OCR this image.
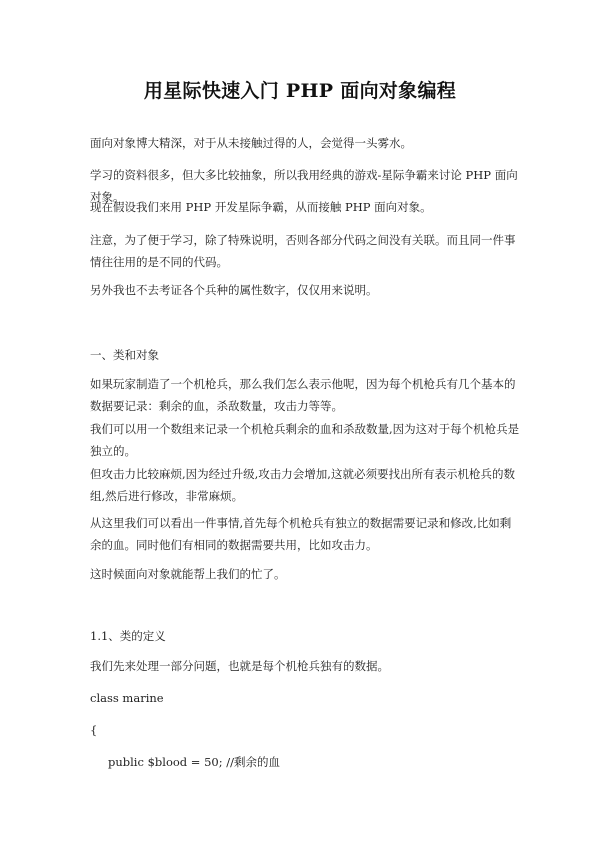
用星际快速入门 PHP 面向对象编程
面向对象博大精深，对于从未接触过得的人，会觉得一头雾水。
学习的资料很多，但大多比较抽象，所以我用经典的游戏-星际争霸来讨论 PHP 面向对象。
现在假设我们来用 PHP 开发星际争霸，从而接触 PHP 面向对象。
注意，为了便于学习，除了特殊说明，否则各部分代码之间没有关联。而且同一件事情往往用的是不同的代码。
另外我也不去考证各个兵种的属性数字，仅仅用来说明。
一、类和对象
如果玩家制造了一个机枪兵，那么我们怎么表示他呢，因为每个机枪兵有几个基本的数据要记录：剩余的血，杀敌数量，攻击力等等。
我们可以用一个数组来记录一个机枪兵剩余的血和杀敌数量,因为这对于每个机枪兵是独立的。
但攻击力比较麻烦,因为经过升级,攻击力会增加,这就必须要找出所有表示机枪兵的数组,然后进行修改，非常麻烦。
从这里我们可以看出一件事情,首先每个机枪兵有独立的数据需要记录和修改,比如剩余的血。同时他们有相同的数据需要共用，比如攻击力。
这时候面向对象就能帮上我们的忙了。
1.1、类的定义
我们先来处理一部分问题，也就是每个机枪兵独有的数据。
class marine
{
public $blood = 50; //剩余的血
